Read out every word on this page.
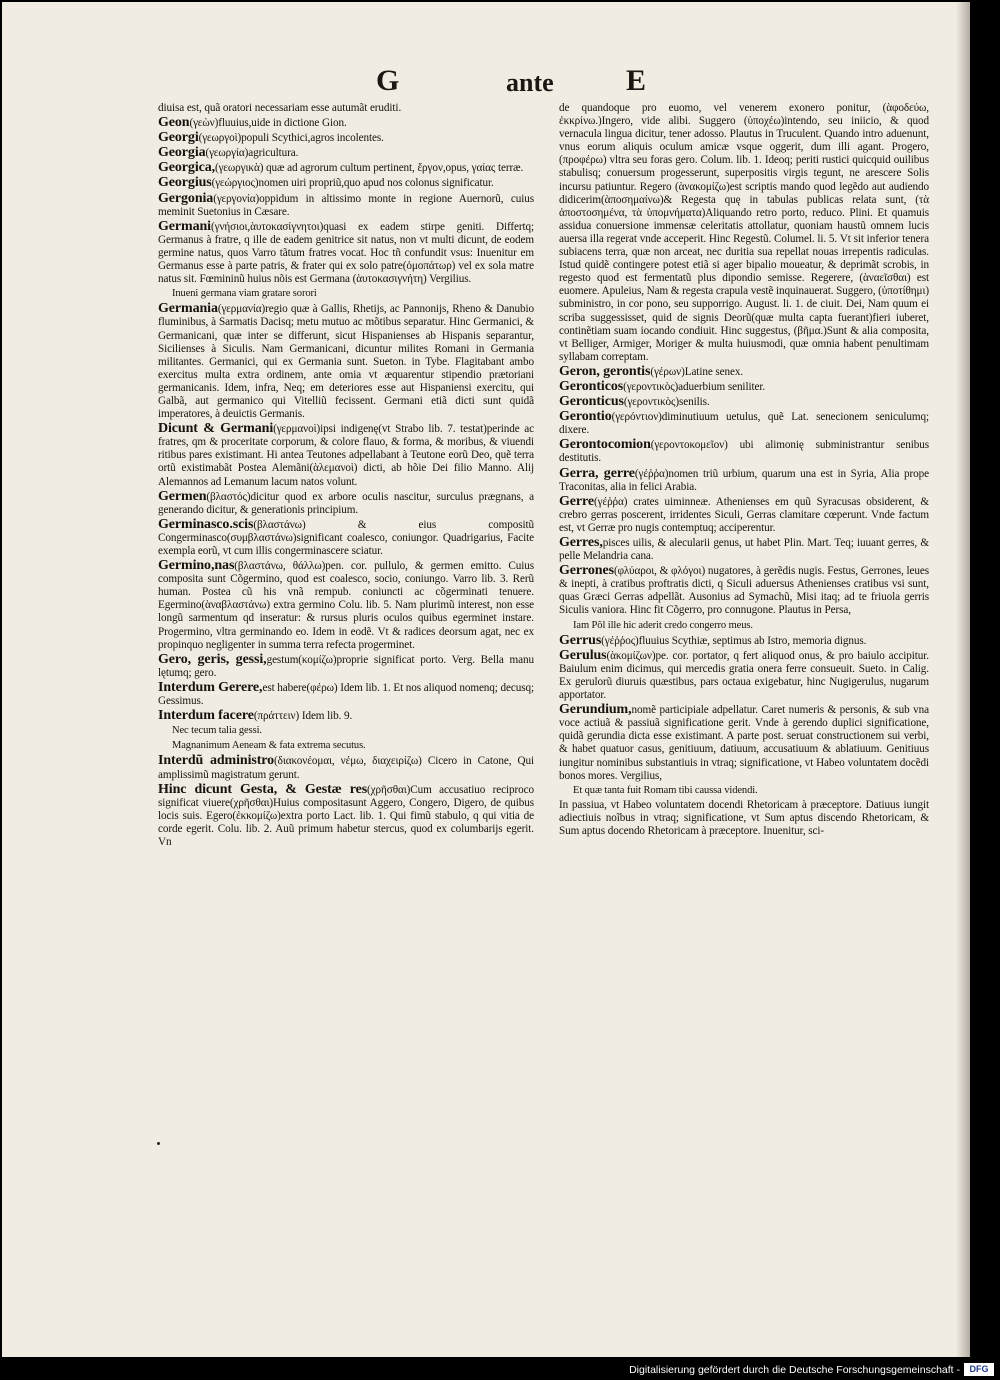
G	ante E

diuisa est, quã oratori necessariam esse autumãt eruditi.

Geon(γεὼν)fluuius,uide in dictione Gion.

Georgi(γεωργοὶ)populi Scythici,agros incolentes.

Georgia(γεωργία)agricultura.

Georgica,(γεωργικὰ) quæ ad agrorum cultum pertinent, ἔργον,opus, γαίας terræ.

Georgius(γεώργιος)nomen uiri propriũ,quo apud nos colonus significatur.

Gergonia(γεργονία)oppidum in altissimo monte in regione Auernorũ, cuius meminit Suetonius in Cæsare.

Germani(γνήσιοι,ὰυτοκασίγνητοι)quasi ex eadem stirpe geniti. Differtq; Germanus à fratre, q ille de eadem genitrice sit natus, non vt multi dicunt, de eodem germine natus, quos Varro tãtum fratres vocat. Hoc tñ confundit vsus: Inuenitur em Germanus esse à parte patris, & frater qui ex solo patre(ὁμοπάτωρ) vel ex sola matre natus sit. Fœmininũ huius nõis est Germana (ὰυτοκασιγνήτη) Vergilius.

Inueni germana viam gratare sorori

Germania(γερμανία)regio quæ à Gallis, Rhetijs, ac Pannonijs, Rheno & Danubio fluminibus, à Sarmatis Dacisq; metu mutuo ac mõtibus separatur. Hinc Germanici, & Germanicani, quæ inter se differunt, sicut Hispanienses ab Hispanis separantur, Sicilienses à Siculis. Nam Germanicani, dicuntur milites Romani in Germania militantes. Germanici, qui ex Germania sunt. Sueton. in Tybe. Flagitabant ambo exercitus multa extra ordinem, ante omia vt æquarentur stipendio prætoriani germanicanis. Idem, infra, Neq; em deteriores esse aut Hispaniensi exercitu, qui Galbã, aut germanico qui Vitelliũ fecissent. Germani etiã dicti sunt quidã imperatores, à deuictis Germanis.

Dicunt & Germani(γερμανοὶ)ipsi indigenę(vt Strabo lib. 7. testat)perinde ac fratres, qm & proceritate corporum, & colore flauo, & forma, & moribus, & viuendi ritibus pares existimant. Hi antea Teutones adpellabant à Teutone eorũ Deo, quẽ terra ortũ existimabãt Postea Alemãni(ὰλεμανοὶ) dicti, ab hõie Dei filio Manno. Alij Alemannos ad Lemanum lacum natos volunt.

Germen(βλαστός)dicitur quod ex arbore oculis nascitur, surculus prægnans, a generando dicitur, & generationis principium.

Germinasco.scis(βλαστάνω) & eius compositũ Congerminasco(συμβλαστάνω)significant coalesco, coniungor. Quadrigarius, Facite exempla eorũ, vt cum illis congerminascere sciatur.

Germino,nas(βλαστάνω, θάλλω)pen. cor. pullulo, & germen emitto. Cuius composita sunt Cõgermino, quod est coalesco, socio, coniungo. Varro lib. 3. Rerũ human. Postea cũ his vnã rempub. coniuncti ac cõgerminati tenuere. Egermino(ὰναβλαστάνω) extra germino Colu. lib. 5. Nam plurimũ interest, non esse longũ sarmentum qd inseratur: & rursus pluris oculos quibus egerminet instare. Progermino, vltra germinando eo. Idem in eodẽ. Vt & radices deorsum agat, nec ex propinquo negligenter in summa terra refecta progerminet.

Gero, geris, gessi,gestum(κομίζω)proprie significat porto. Verg. Bella manu lętumq; gero.

Interdum Gerere,est habere(φέρω) Idem lib. 1. Et nos aliquod nomenq; decusq; Gessimus.

Interdum facere(πράττειν) Idem lib. 9.

Nec tecum talia gessi.

Magnanimum Aeneam & fata extrema secutus.

Interdũ administro(διακονέομαι, νέμω, διαχειρίζω) Cicero in Catone, Qui amplissimũ magistratum gerunt.

Hinc dicunt Gesta, & Gestæ res(χρῆσθαι)Cum accusatiuo reciproco significat viuere(χρῆσθαι)Huius compositasunt Aggero, Congero, Digero, de quibus locis suis. Egero(ἐκκομίζω)extra porto Lact. lib. 1. Qui fimũ stabulo, q qui vitia de corde egerit. Colu. lib. 2. Auũ primum habetur stercus, quod ex columbarijs egerit. Vn

de quandoque pro euomo, vel venerem exonero ponitur, (ὰφοδεύω, ἐκκρίνω.)Ingero, vide alibi. Suggero (ὑποχέω)intendo, seu iniicio, & quod vernacula lingua dicitur, tener adosso. Plautus in Truculent. Quando intro aduenunt, vnus eorum aliquis oculum amicæ vsque oggerit, dum illi agant. Progero, (προφέρω) vltra seu foras gero. Colum. lib. 1. Ideoq; periti rustici quicquid ouilibus stabulisq; conuersum progesserunt, superpositis virgis tegunt, ne arescere Solis incursu patiuntur. Regero (ὰνακομίζω)est scriptis mando quod legẽdo aut audiendo didicerim(ὰποσημαίνω)& Regesta quę in tabulas publicas relata sunt, (τὰ ἀποστοσημένα, τὰ ὑπομνήματα)Aliquando retro porto, reduco. Plini. Et quamuis assidua conuersione immensæ celeritatis attollatur, quoniam haustũ omnem lucis auersa illa regerat vnde acceperit. Hinc Regestũ. Columel. li. 5. Vt sit inferior tenera subiacens terra, quæ non arceat, nec duritia sua repellat nouas irrepentis radiculas. Istud quidẽ contingere potest etiã si ager bipalio moueatur, & deprimãt scrobis, in regesto quod est fermentatũ plus dipondio semisse. Regerere, (ὰναεῖσθαι) est euomere. Apuleius, Nam & regesta crapula vestẽ inquinauerat. Suggero, (ὑποτίθημι) subministro, in cor pono, seu supporrigo. August. li. 1. de ciuit. Dei, Nam quum ei scriba suggessisset, quid de signis Deorũ(quæ multa capta fuerant)fieri iuberet, continẽtiam suam iocando condiuit. Hinc suggestus, (βῆμα.)Sunt & alia composita, vt Belliger, Armiger, Moriger & multa huiusmodi, quæ omnia habent penultimam syllabam correptam.

Geron, gerontis(γέρων)Latine senex.

Geronticos(γεροντικὸς)aduerbium seniliter.

Geronticus(γεροντικὸς)senilis.

Gerontio(γερόντιον)diminutiuum uetulus, quẽ Lat. senecionem seniculumq; dixere.

Gerontocomion(γεροντοκομεῖον) ubi alimonię subministrantur senibus destitutis.

Gerra, gerre(γέῤῥα)nomen triũ urbium, quarum una est in Syria, Alia prope Traconitas, alia in felici Arabia.

Gerre(γέῤῥα) crates uiminneæ. Athenienses em quũ Syracusas obsiderent, & crebro gerras poscerent, irridentes Siculi, Gerras clamitare cœperunt. Vnde factum est, vt Gerræ pro nugis contemptuq; acciperentur.

Gerres,pisces uilis, & alecularii genus, ut habet Plin. Mart. Teq; iuuant gerres, & pelle Melandria cana.

Gerrones(φλύαροι, & φλόγοι) nugatores, à gerẽdis nugis. Festus, Gerrones, leues & inepti, à cratibus proftratis dicti, q Siculi aduersus Athenienses cratibus vsi sunt, quas Græci Gerras adpellãt. Ausonius ad Symachũ, Misi itaq; ad te friuola gerris Siculis vaniora. Hinc fit Cõgerro, pro connugone. Plautus in Persa,

Iam Põl ille hic aderit credo congerro meus.

Gerrus(γέῤῥος)fluuius Scythiæ, septimus ab Istro, memoria dignus.

Gerulus(ὰκομίζων)pe. cor. portator, q fert aliquod onus, & pro baiulo accipitur. Baiulum enim dicimus, qui mercedis gratia onera ferre consueuit. Sueto. in Calig. Ex gerulorũ diuruis quæstibus, pars octaua exigebatur, hinc Nugigerulus, nugarum apportator.

Gerundium,nomẽ participiale adpellatur. Caret numeris & personis, & sub vna voce actiuã & passiuã significatione gerit. Vnde à gerendo duplici significatione, quidã gerundia dicta esse existimant. A parte post. seruat constructionem sui verbi, & habet quatuor casus, genitiuum, datiuum, accusatiuum & ablatiuum. Genitiuus iungitur nominibus substantiuis in vtraq; significatione, vt Habeo voluntatem docẽdi bonos mores. Vergilius,

Et quæ tanta fuit Romam tibi caussa videndi.

In passiua, vt Habeo voluntatem docendi Rhetoricam à præceptore. Datiuus iungit adiectiuis noĩbus in vtraq; significatione, vt Sum aptus discendo Rhetoricam, & Sum aptus docendo Rhetoricam à præceptore. Inuenitur, sci-

Digitalisierung gefördert durch die Deutsche Forschungsgemeinschaft -	DFG
